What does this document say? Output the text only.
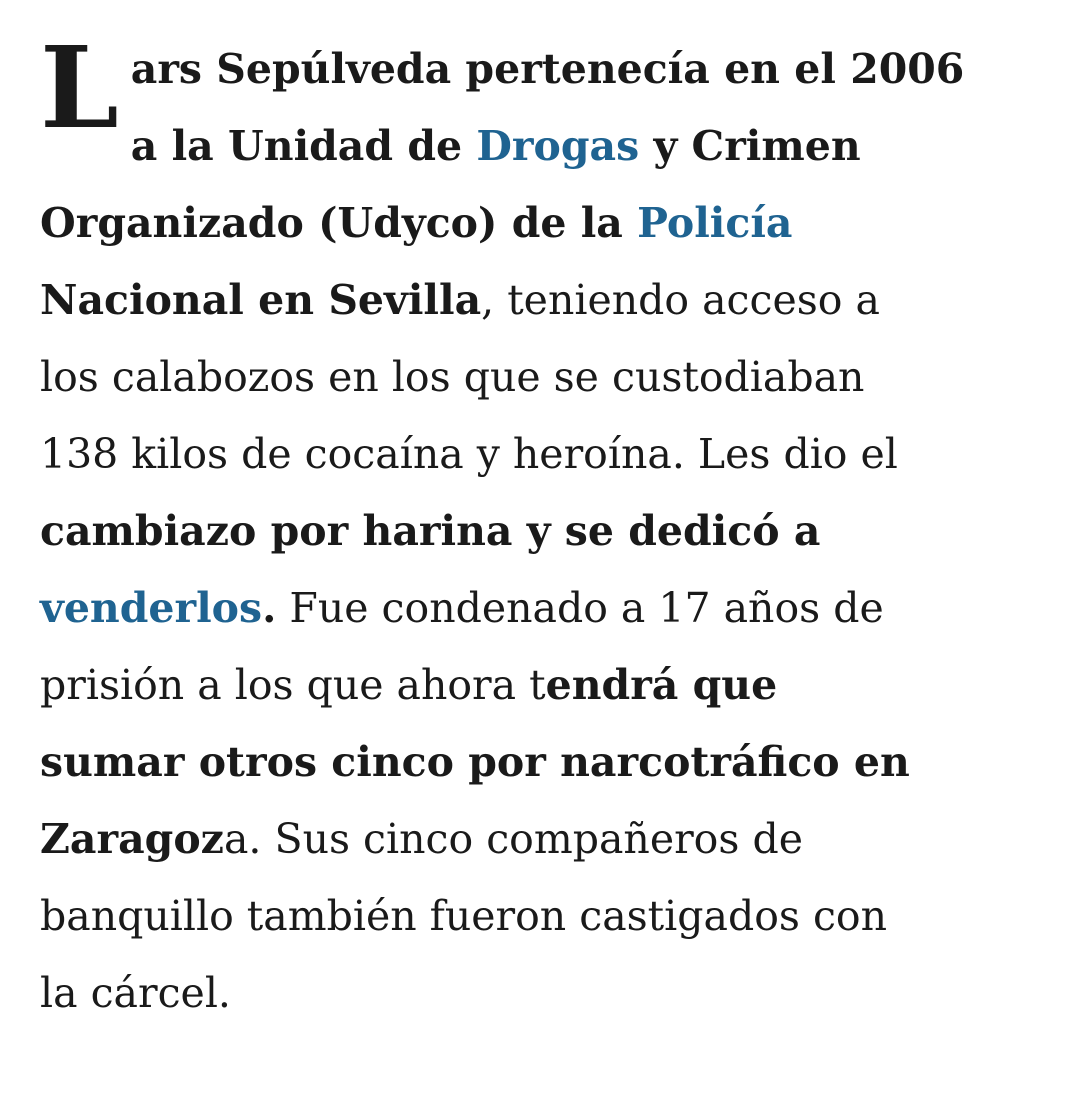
L ars Sepúlveda pertenecía en el 2006
a la Unidad de Drogas y Crimen
Organizado (Udyco) de la Policía
Nacional en Sevilla, teniendo acceso a
los calabozos en los que se custodiaban
138 kilos de cocaína y heroína. Les dio el
cambiazo por harina y se dedicó a
venderlos. Fue condenado a 17 años de
prisión a los que ahora tendrá que
sumar otros cinco por narcotráfico en
Zaragoza. Sus cinco compañeros de
banquillo también fueron castigados con
la cárcel.
